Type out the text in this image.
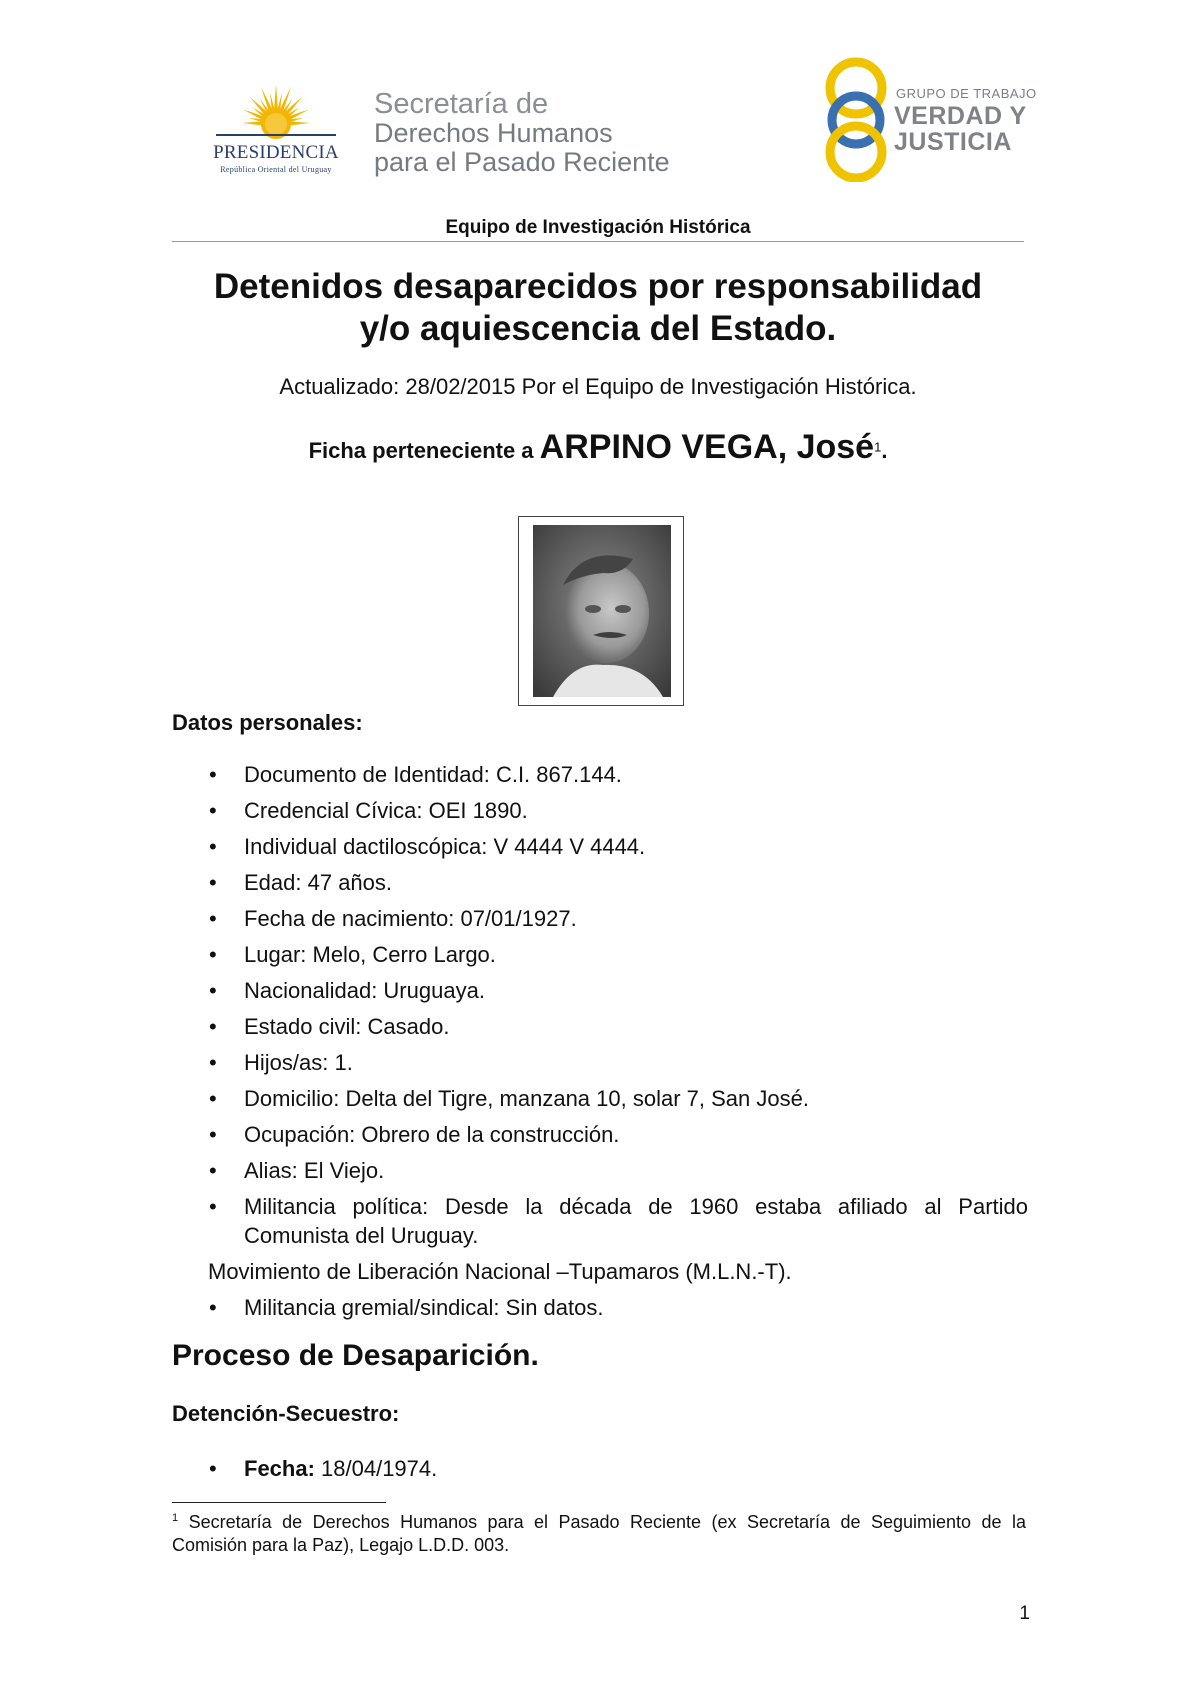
PRESIDENCIA
República Oriental del Uruguay
Secretaría de
Derechos Humanos
para el Pasado Reciente
GRUPO DE TRABAJO
VERDAD Y
JUSTICIA
Equipo de Investigación Histórica
Detenidos desaparecidos por responsabilidad
y/o aquiescencia del Estado.
Actualizado: 28/02/2015 Por el Equipo de Investigación Histórica.
Ficha perteneciente a ARPINO VEGA, José$^1$.
Datos personales:
• Documento de Identidad: C.I. 867.144.
• Credencial Cívica: OEI 1890.
• Individual dactiloscópica: V 4444 V 4444.
• Edad: 47 años.
• Fecha de nacimiento: 07/01/1927.
• Lugar: Melo, Cerro Largo.
• Nacionalidad: Uruguaya.
• Estado civil: Casado.
• Hijos/as: 1.
• Domicilio: Delta del Tigre, manzana 10, solar 7, San José.
• Ocupación: Obrero de la construcción.
• Alias: El Viejo.
• Militancia política: Desde la década de 1960 estaba afiliado al Partido Comunista del Uruguay.
Movimiento de Liberación Nacional –Tupamaros (M.L.N.-T).
• Militancia gremial/sindical: Sin datos.
Proceso de Desaparición.
Detención-Secuestro:
• Fecha: 18/04/1974.
$^1$ Secretaría de Derechos Humanos para el Pasado Reciente (ex Secretaría de Seguimiento de la Comisión para la Paz), Legajo L.D.D. 003.
1
